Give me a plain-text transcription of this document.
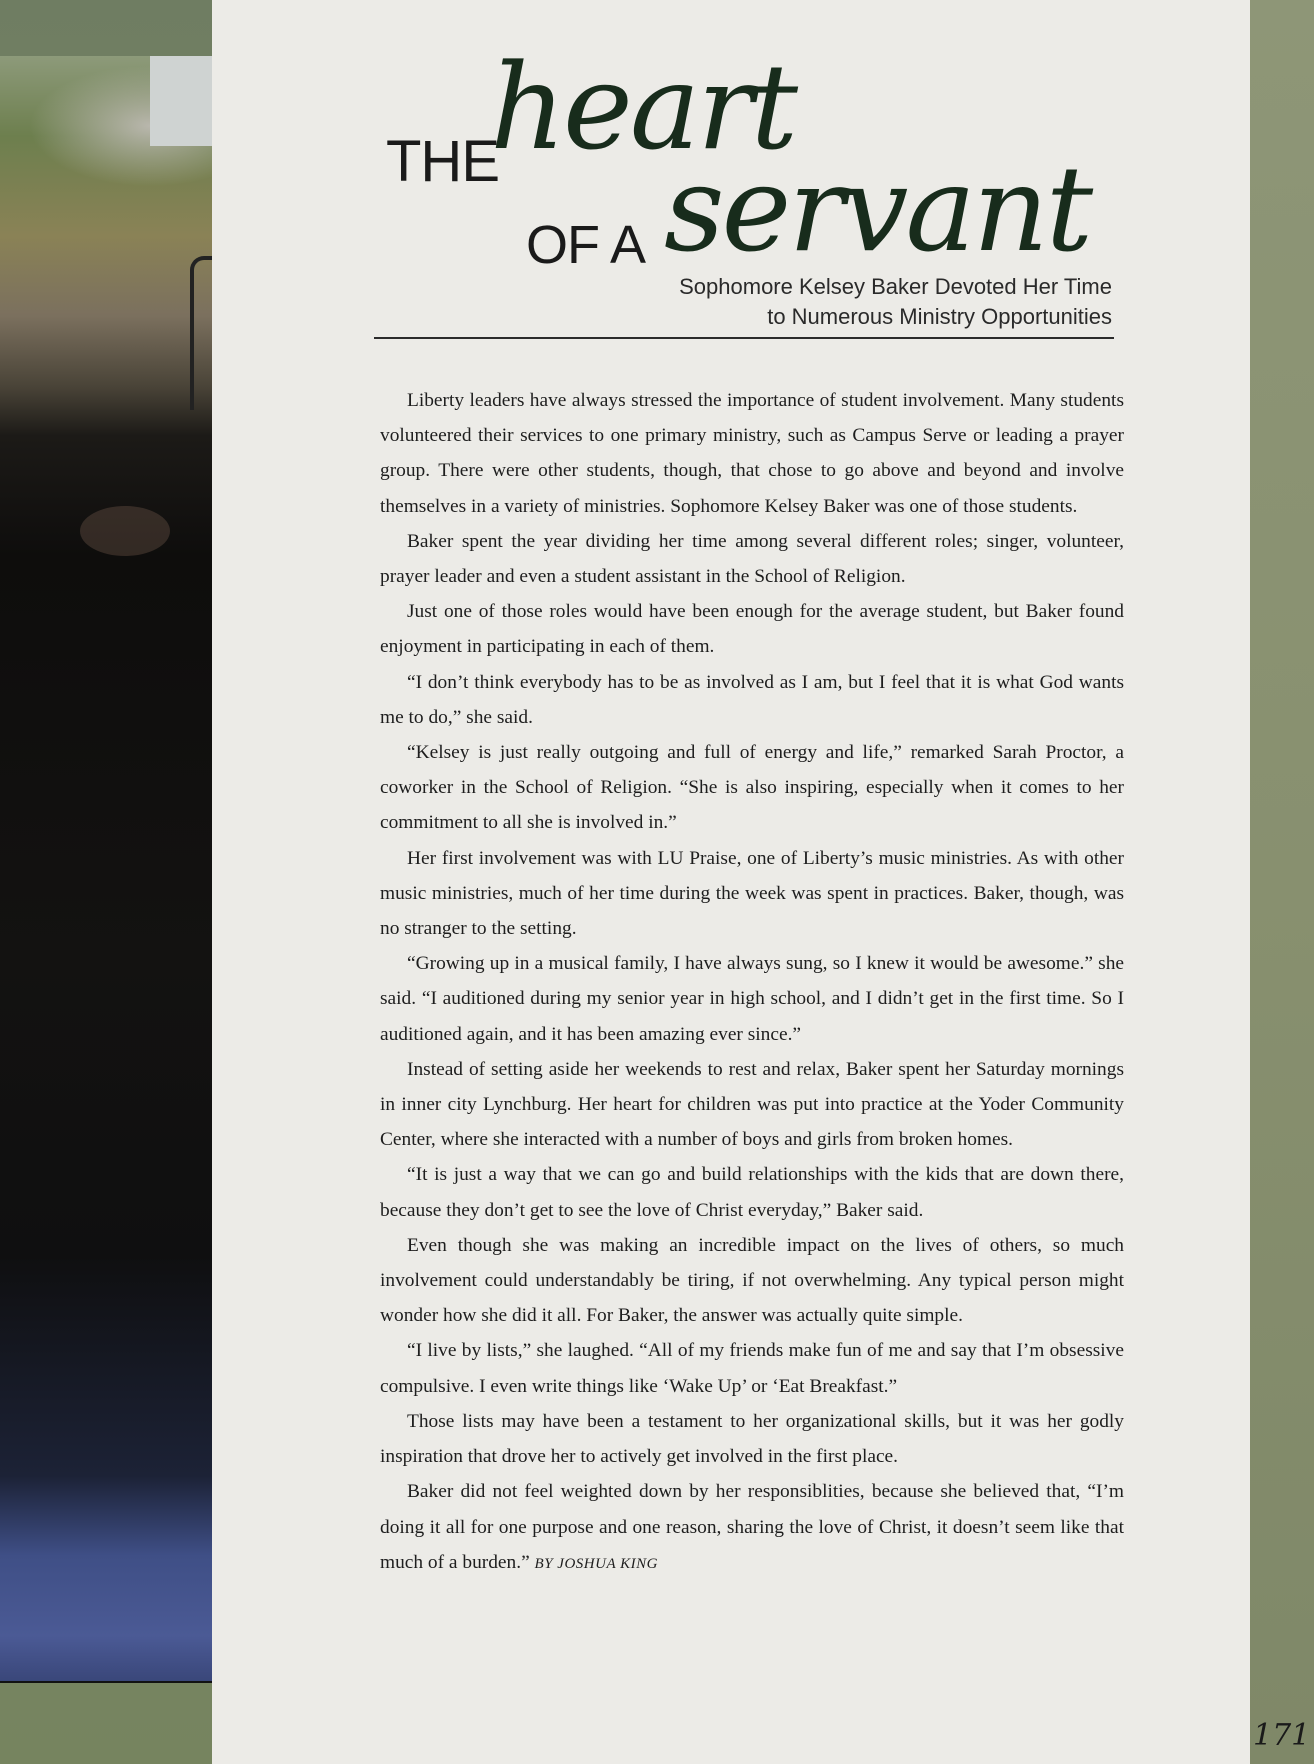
THE
heart
OF A servant
Sophomore Kelsey Baker Devoted Her Time
to Numerous Ministry Opportunities

Liberty leaders have always stressed the importance of student involvement. Many students volunteered their services to one primary ministry, such as Campus Serve or leading a prayer group. There were other students, though, that chose to go above and beyond and involve themselves in a variety of ministries. Sophomore Kelsey Baker was one of those students.

Baker spent the year dividing her time among several different roles; singer, volunteer, prayer leader and even a student assistant in the School of Religion.

Just one of those roles would have been enough for the average student, but Baker found enjoyment in participating in each of them.

“I don’t think everybody has to be as involved as I am, but I feel that it is what God wants me to do,” she said.

“Kelsey is just really outgoing and full of energy and life,” remarked Sarah Proctor, a coworker in the School of Religion. “She is also inspiring, especially when it comes to her commitment to all she is involved in.”

Her first involvement was with LU Praise, one of Liberty’s music ministries. As with other music ministries, much of her time during the week was spent in practices. Baker, though, was no stranger to the setting.

“Growing up in a musical family, I have always sung, so I knew it would be awesome.” she said. “I auditioned during my senior year in high school, and I didn’t get in the first time. So I auditioned again, and it has been amazing ever since.”

Instead of setting aside her weekends to rest and relax, Baker spent her Saturday mornings in inner city Lynchburg. Her heart for children was put into practice at the Yoder Community Center, where she interacted with a number of boys and girls from broken homes.

“It is just a way that we can go and build relationships with the kids that are down there, because they don’t get to see the love of Christ everyday,” Baker said.

Even though she was making an incredible impact on the lives of others, so much involvement could understandably be tiring, if not overwhelming. Any typical person might wonder how she did it all. For Baker, the answer was actually quite simple.

“I live by lists,” she laughed. “All of my friends make fun of me and say that I’m obsessive compulsive. I even write things like ‘Wake Up’ or ‘Eat Breakfast.”

Those lists may have been a testament to her organizational skills, but it was her godly inspiration that drove her to actively get involved in the first place.

Baker did not feel weighted down by her responsiblities, because she believed that, “I’m doing it all for one purpose and one reason, sharing the love of Christ, it doesn’t seem like that much of a burden.” BY JOSHUA KING

kelsey baker 171
